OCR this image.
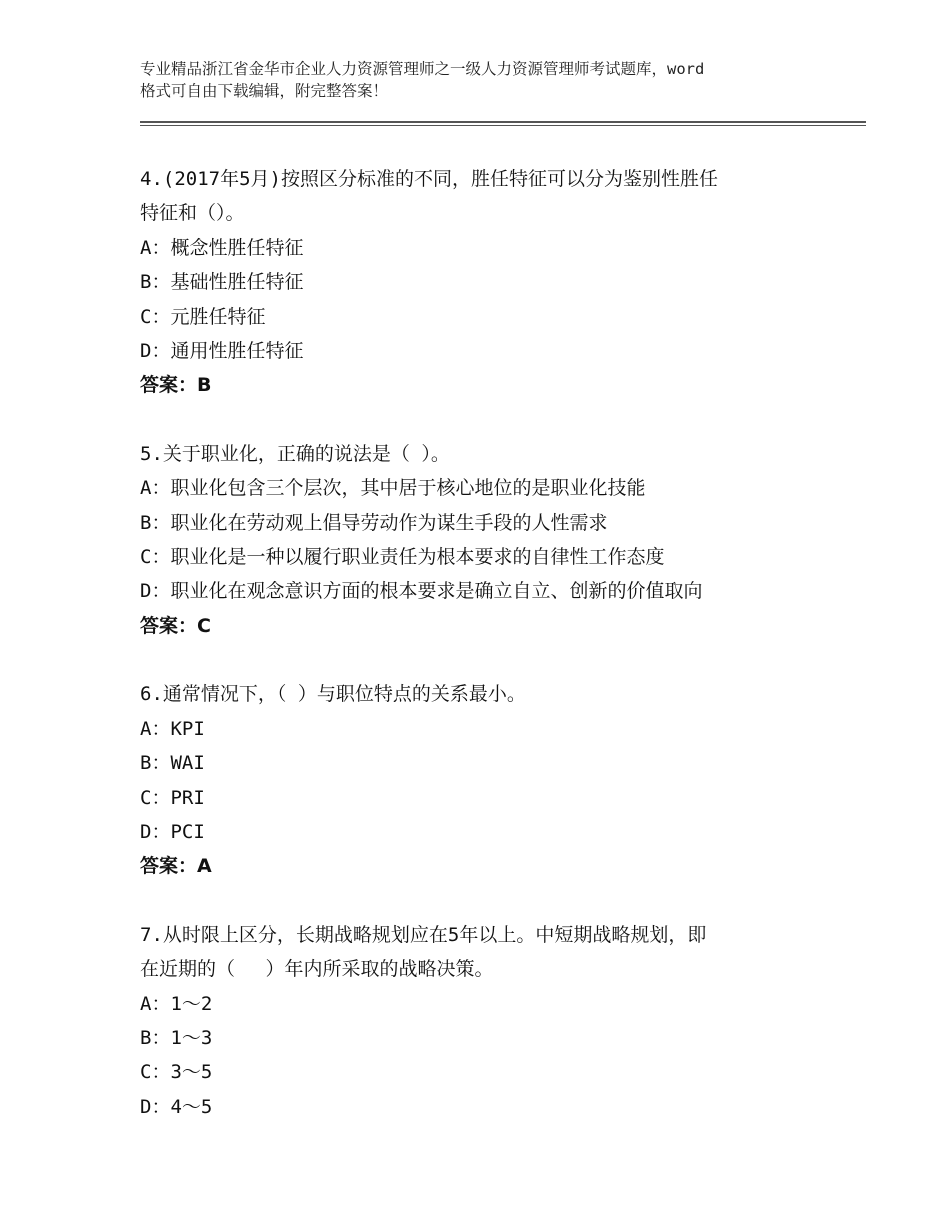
专业精品浙江省金华市企业人力资源管理师之一级人力资源管理师考试题库，word
格式可自由下载编辑，附完整答案！
4.(2017年5月)按照区分标准的不同，胜任特征可以分为鉴别性胜任
特征和（）。
A：概念性胜任特征
B：基础性胜任特征
C：元胜任特征
D：通用性胜任特征
答案：B
5.关于职业化，正确的说法是（ ）。
A：职业化包含三个层次，其中居于核心地位的是职业化技能
B：职业化在劳动观上倡导劳动作为谋生手段的人性需求
C：职业化是一种以履行职业责任为根本要求的自律性工作态度
D：职业化在观念意识方面的根本要求是确立自立、创新的价值取向
答案：C
6.通常情况下，（ ）与职位特点的关系最小。
A：KPI
B：WAI
C：PRI
D：PCI
答案：A
7.从时限上区分，长期战略规划应在5年以上。中短期战略规划，即
在近期的（　 ）年内所采取的战略决策。
A：1～2
B：1～3
C：3～5
D：4～5
